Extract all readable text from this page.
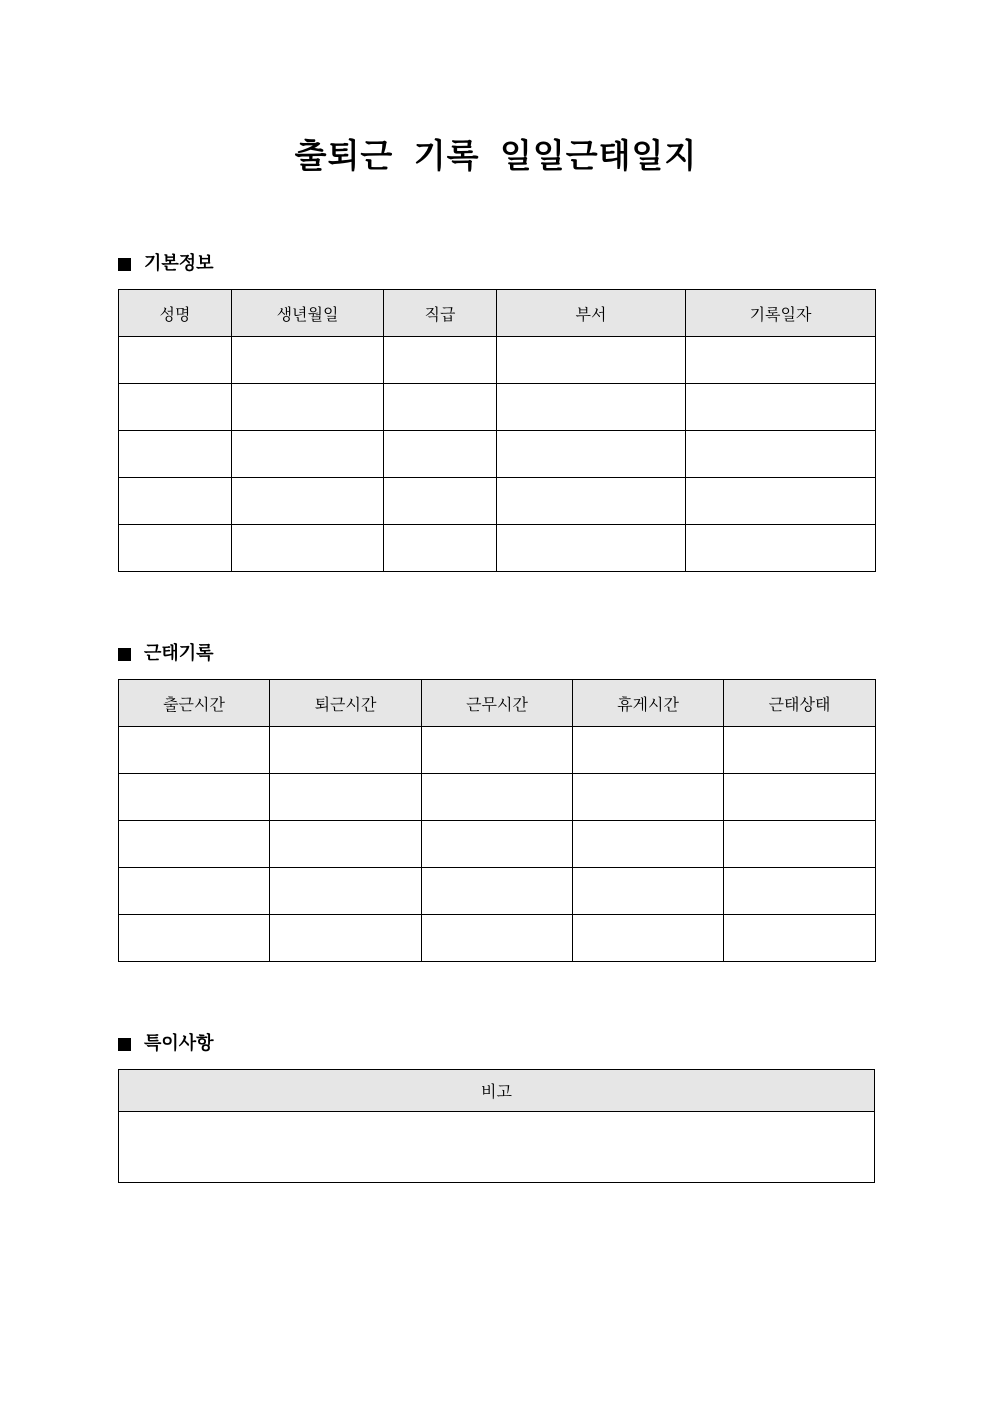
출퇴근 기록 일일근태일지
기본정보
성명	생년월일	직급	부서	기록일자

근태기록
출근시간	퇴근시간	근무시간	휴게시간	근태상태

특이사항
비고
